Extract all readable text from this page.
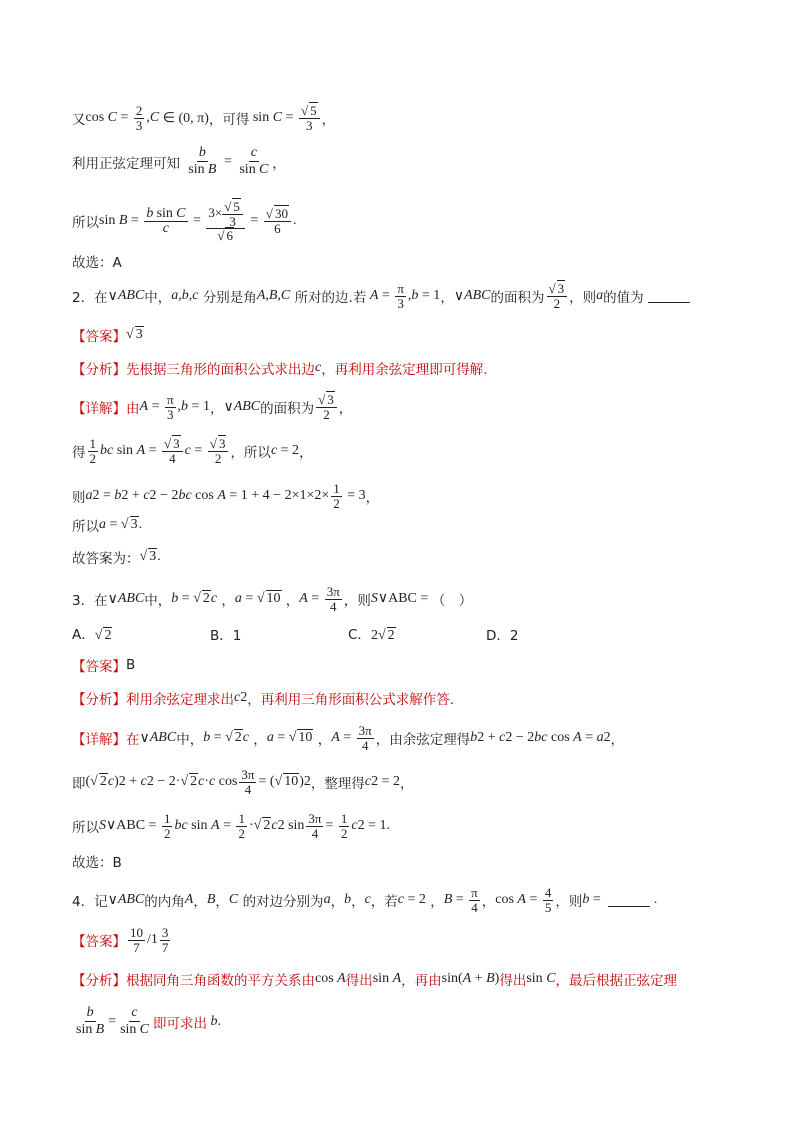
又 $\cos C = \frac{2}{3}$ , C ∈ (0, π) ，可得 $\sin C = \frac{√ 5}{3}$ ，
利用正弦定理可知
$\frac{b}{\text{sin B}} = \frac{c}{\text{sin C}}$ ，
所以 $\sin B = \frac{\text{b sin C}}{c} = \frac{3\times \frac{√ 5}{3}}{√ 6} = \frac{√ 30}{6}$ .
故选：A
2．在 ∨ ABC 中， a,b,c
分别是角 A,B,C
所对的边.若 $A = \frac{\pi}{3}$ , b = 1 ， ∨ ABC 的面积为 $\frac{√ 3}{2}$ ，则 a 的值为
【答案】 √ 3
【分析】 先根据三角形的面积公式求出边 c ，再利用余弦定理即可得解.
【详解】 由 $A = \frac{\pi}{3}$ , b = 1 ， ∨ ABC 的面积为 $\frac{√ 3}{2}$ ，
得 $\frac{1}{2}$ bc $\sin A = \frac{√ 3}{4}$ $c = \frac{√ 3}{2}$ ，所以 c = 2 ，
则 a 2 = b 2 + c 2 − 2 bc $\cos A = 1 + 4 - 2\times 1\times 2\times \frac{1}{2} = 3$ ，
所以 a = √ 3 .
故答案为： √ 3 .
3．在 ∨ ABC 中， b = √ 2 c ， a = √ 10 ， $A = \frac{3\pi}{4}$ ，则 S ∨ABC = （　）
A．√ 2	B．1	C．2√ 2	D．2
【答案】 B
【分析】 利用余弦定理求出 c 2 ，再利用三角形面积公式求解作答.
【详解】 在 ∨ ABC 中， b = √ 2 c ， a = √ 10 ， $A = \frac{3\pi}{4}$ ，由余弦定理得 b 2 + c 2 − 2 bc cos A = a 2 ，
即 ( √ 2 c ) 2 + c 2 − 2· √ 2 c · c $\cos \frac{3\pi}{4}$ = ( √ 10 ) 2 ，整理得 c 2 = 2 ，
所以 S ∨ABC = $\frac{1}{2}$ bc $\sin A = \frac{1}{2}$ · √ 2 c 2 $\sin \frac{3\pi}{4} = \frac{1}{2}$ c 2 = 1.
故选：B
4．记 ∨ ABC 的内角 A ， B ， C
的对边分别为 a ， b ， c ，若 c = 2 ， $B = \frac{\pi}{4}$ ， $\cos A = \frac{4}{5}$ ，则 b =	.
【答案】 $\frac{10}{7} /1 \frac{3}{7}$
【分析】 根据同角三角函数的平方关系由 cos A 得出 sin A ，再由 sin( A + B ) 得出 sin C ，最后根据正弦定理
$\frac{b}{\text{sin B}} = \frac{c}{\text{sin C}}$ 即可求出 b .
